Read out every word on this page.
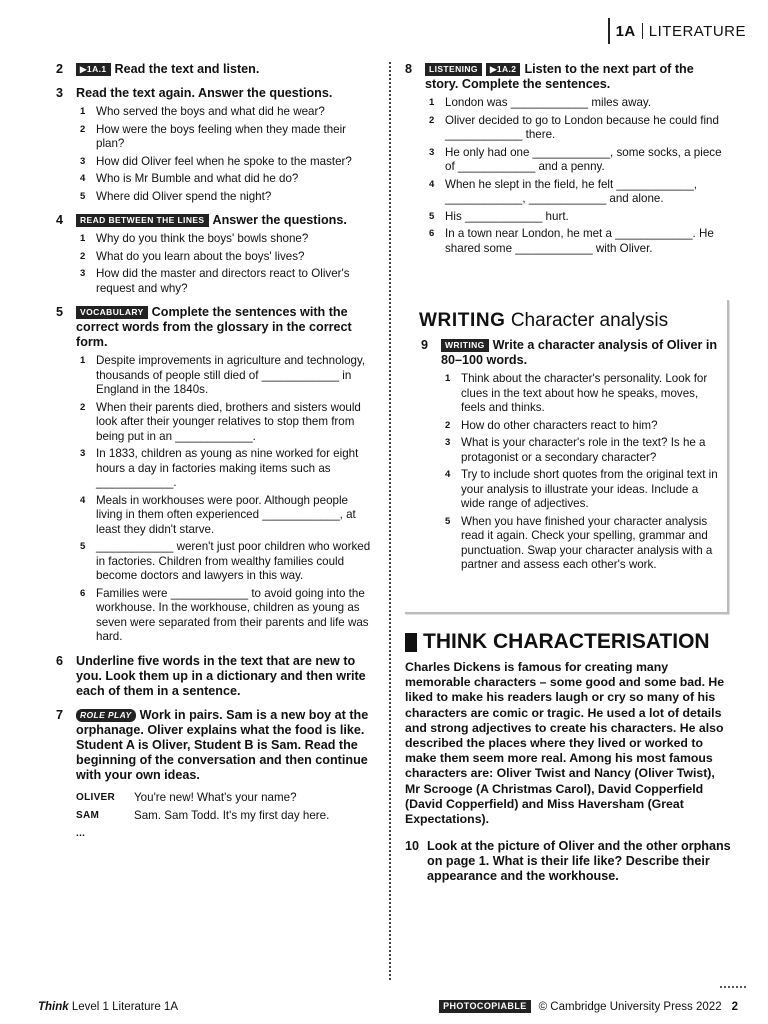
1A LITERATURE
2 ▶1A.1 Read the text and listen.
3 Read the text again. Answer the questions.
1 Who served the boys and what did he wear?
2 How were the boys feeling when they made their plan?
3 How did Oliver feel when he spoke to the master?
4 Who is Mr Bumble and what did he do?
5 Where did Oliver spend the night?
4 READ BETWEEN THE LINES Answer the questions.
1 Why do you think the boys' bowls shone?
2 What do you learn about the boys' lives?
3 How did the master and directors react to Oliver's request and why?
5 VOCABULARY Complete the sentences with the correct words from the glossary in the correct form.
1 Despite improvements in agriculture and technology, thousands of people still died of ____________ in England in the 1840s.
2 When their parents died, brothers and sisters would look after their younger relatives to stop them from being put in an ____________.
3 In 1833, children as young as nine worked for eight hours a day in factories making items such as ____________.
4 Meals in workhouses were poor. Although people living in them often experienced ____________, at least they didn't starve.
5 ____________ weren't just poor children who worked in factories. Children from wealthy families could become doctors and lawyers in this way.
6 Families were ____________ to avoid going into the workhouse. In the workhouse, children as young as seven were separated from their parents and life was hard.
6 Underline five words in the text that are new to you. Look them up in a dictionary and then write each of them in a sentence.
7 ROLE PLAY Work in pairs. Sam is a new boy at the orphanage. Oliver explains what the food is like. Student A is Oliver, Student B is Sam. Read the beginning of the conversation and then continue with your own ideas.
OLIVER	You're new! What's your name?
SAM	Sam. Sam Todd. It's my first day here.
...
8 LISTENING ▶1A.2 Listen to the next part of the story. Complete the sentences.
1 London was ____________ miles away.
2 Oliver decided to go to London because he could find ____________ there.
3 He only had one ____________, some socks, a piece of ____________ and a penny.
4 When he slept in the field, he felt ____________, ____________, ____________ and alone.
5 His ____________ hurt.
6 In a town near London, he met a ____________. He shared some ____________ with Oliver.
WRITING Character analysis
9 WRITING Write a character analysis of Oliver in 80–100 words.
1 Think about the character's personality. Look for clues in the text about how he speaks, moves, feels and thinks.
2 How do other characters react to him?
3 What is your character's role in the text? Is he a protagonist or a secondary character?
4 Try to include short quotes from the original text in your analysis to illustrate your ideas. Include a wide range of adjectives.
5 When you have finished your character analysis read it again. Check your spelling, grammar and punctuation. Swap your character analysis with a partner and assess each other's work.
THINK CHARACTERISATION
Charles Dickens is famous for creating many memorable characters – some good and some bad. He liked to make his readers laugh or cry so many of his characters are comic or tragic. He used a lot of details and strong adjectives to create his characters. He also described the places where they lived or worked to make them seem more real. Among his most famous characters are: Oliver Twist and Nancy (Oliver Twist), Mr Scrooge (A Christmas Carol), David Copperfield (David Copperfield) and Miss Haversham (Great Expectations).
10 Look at the picture of Oliver and the other orphans on page 1. What is their life like? Describe their appearance and the workhouse.
Think Level 1 Literature 1A	PHOTOCOPIABLE	© Cambridge University Press 2022 2
